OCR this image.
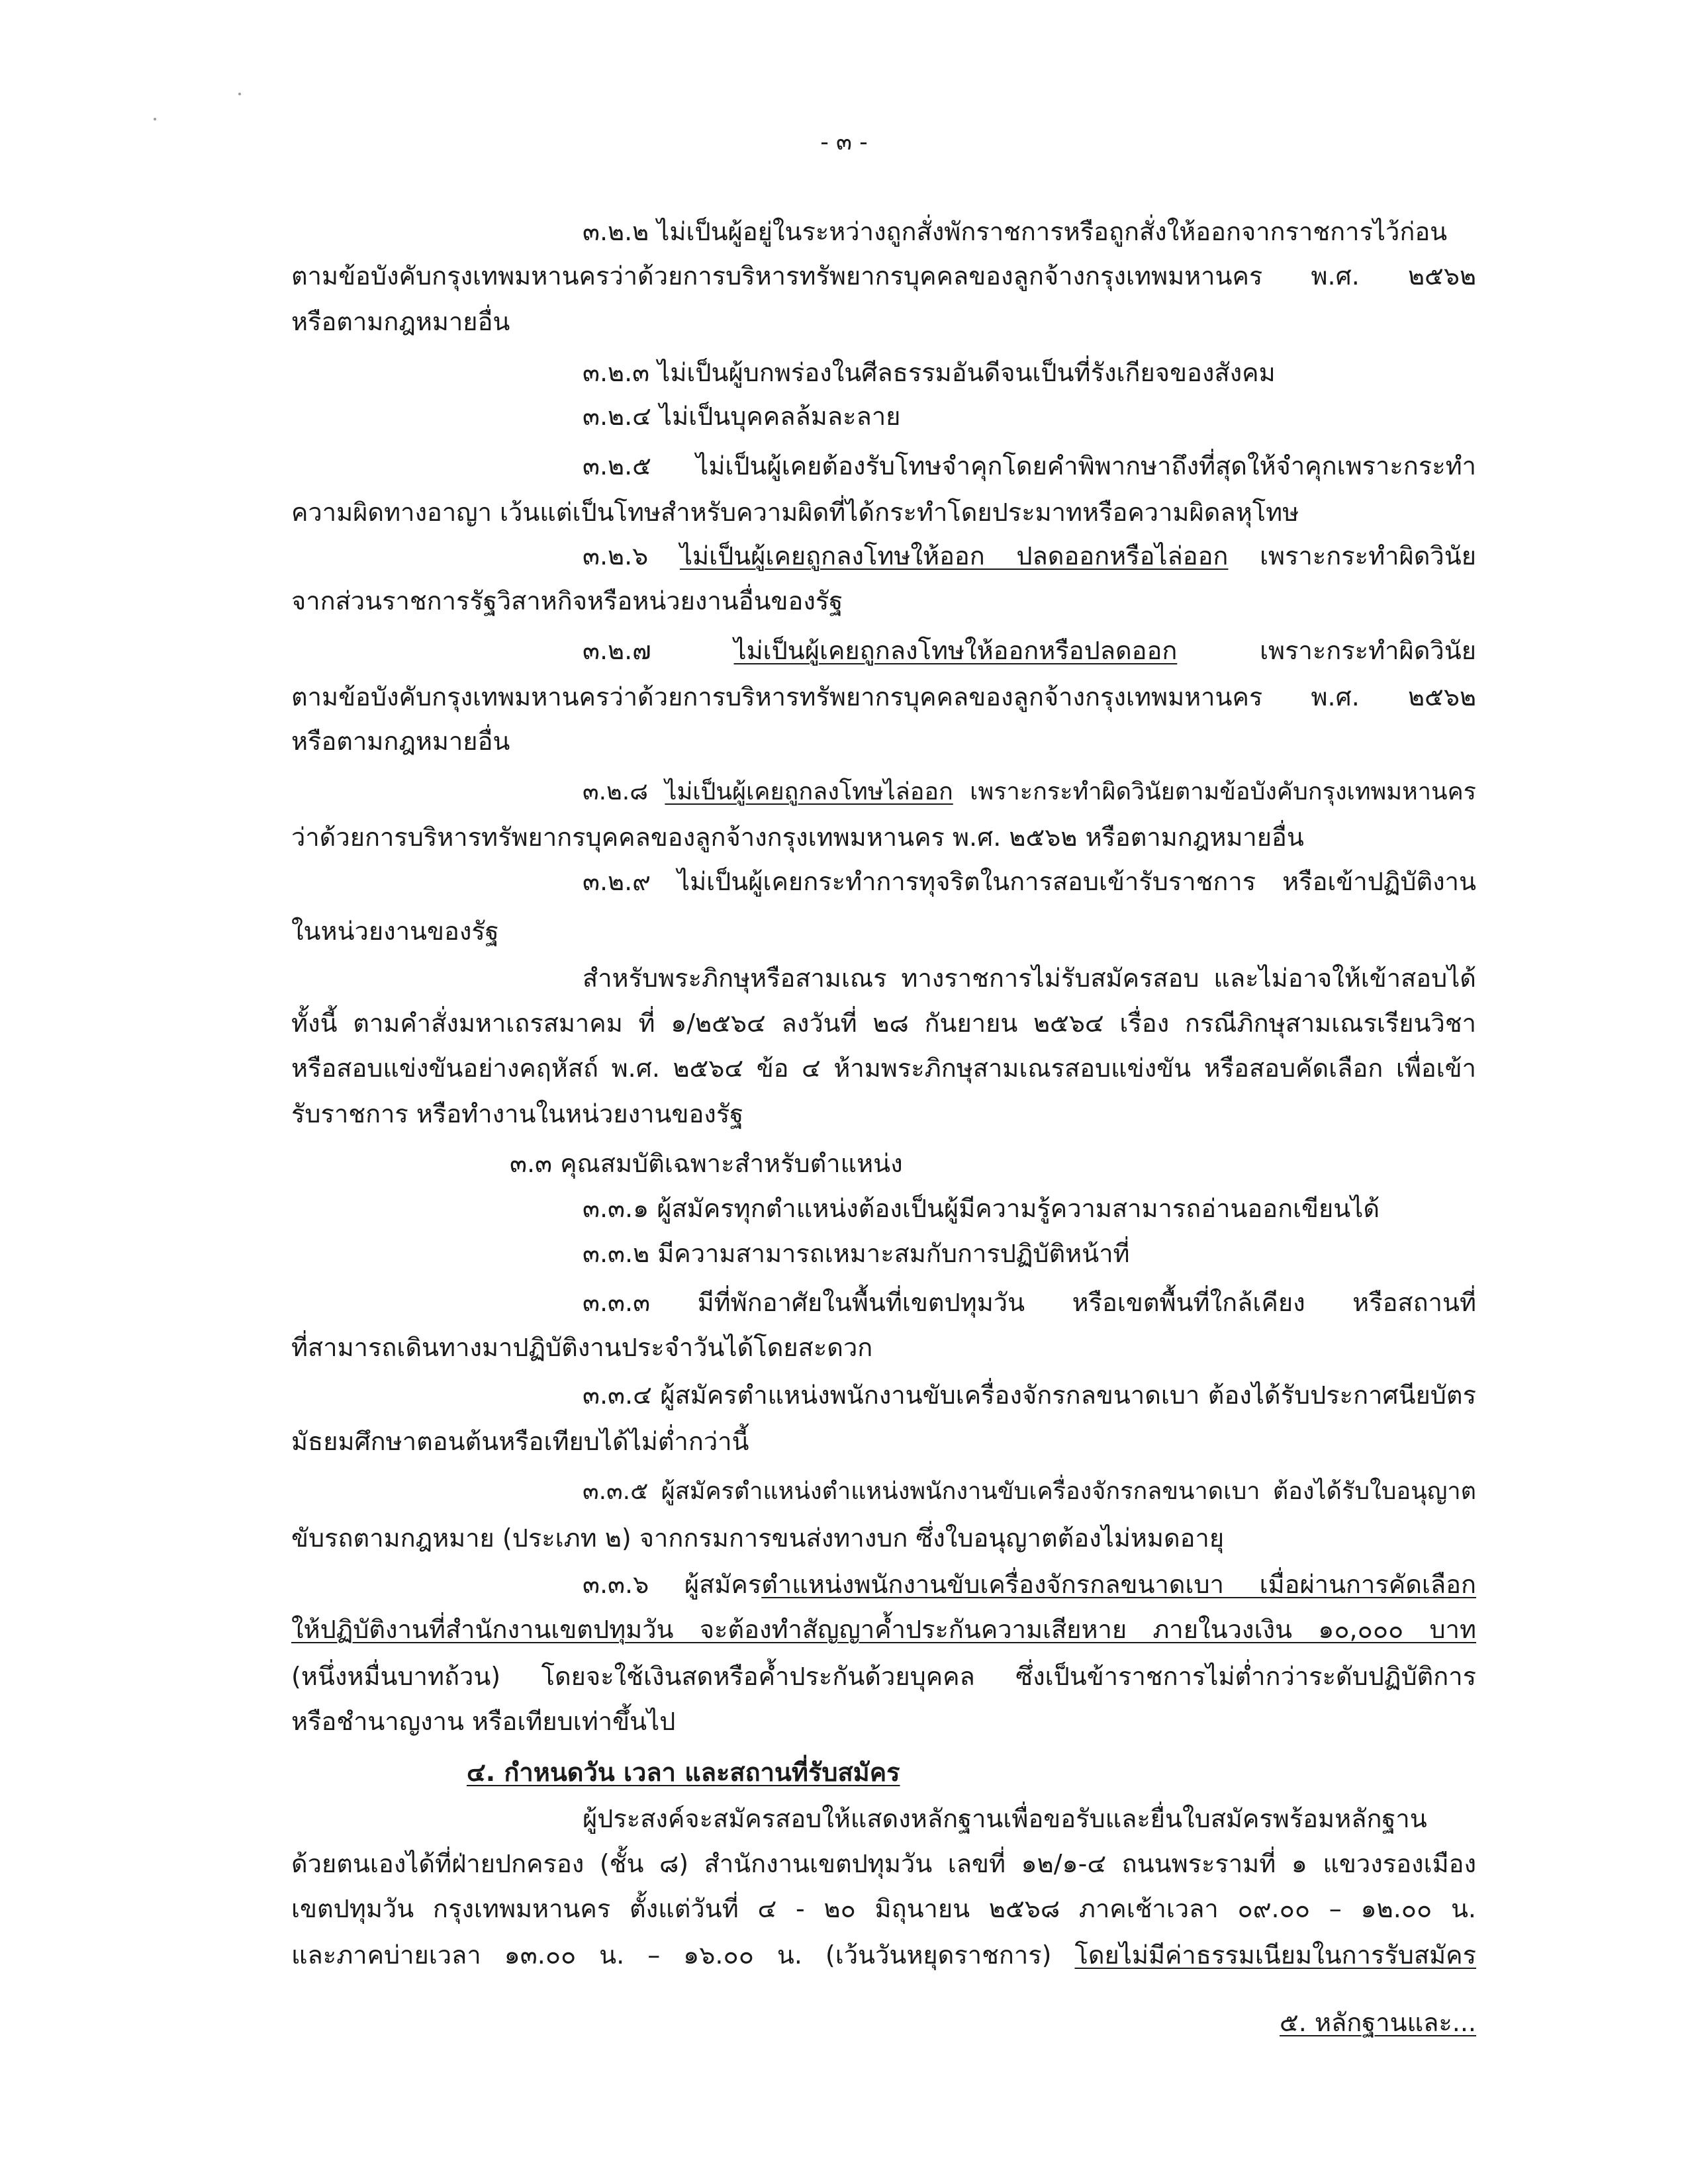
- ๓ -
๓.๒.๒ ไม่เป็นผู้อยู่ในระหว่างถูกสั่งพักราชการหรือถูกสั่งให้ออกจากราชการไว้ก่อน
ตามข้อบังคับกรุงเทพมหานครว่าด้วยการบริหารทรัพยากรบุคคลของลูกจ้างกรุงเทพมหานคร พ.ศ. ๒๕๖๒
หรือตามกฎหมายอื่น
๓.๒.๓ ไม่เป็นผู้บกพร่องในศีลธรรมอันดีจนเป็นที่รังเกียจของสังคม
๓.๒.๔ ไม่เป็นบุคคลล้มละลาย
๓.๒.๕ ไม่เป็นผู้เคยต้องรับโทษจำคุกโดยคำพิพากษาถึงที่สุดให้จำคุกเพราะกระทำ
ความผิดทางอาญา เว้นแต่เป็นโทษสำหรับความผิดที่ได้กระทำโดยประมาทหรือความผิดลหุโทษ
๓.๒.๖ ไม่เป็นผู้เคยถูกลงโทษให้ออก ปลดออกหรือไล่ออก เพราะกระทำผิดวินัย
จากส่วนราชการรัฐวิสาหกิจหรือหน่วยงานอื่นของรัฐ
๓.๒.๗ ไม่เป็นผู้เคยถูกลงโทษให้ออกหรือปลดออก เพราะกระทำผิดวินัย
ตามข้อบังคับกรุงเทพมหานครว่าด้วยการบริหารทรัพยากรบุคคลของลูกจ้างกรุงเทพมหานคร พ.ศ. ๒๕๖๒
หรือตามกฎหมายอื่น
๓.๒.๘ ไม่เป็นผู้เคยถูกลงโทษไล่ออก เพราะกระทำผิดวินัยตามข้อบังคับกรุงเทพมหานคร
ว่าด้วยการบริหารทรัพยากรบุคคลของลูกจ้างกรุงเทพมหานคร พ.ศ. ๒๕๖๒ หรือตามกฎหมายอื่น
๓.๒.๙ ไม่เป็นผู้เคยกระทำการทุจริตในการสอบเข้ารับราชการ หรือเข้าปฏิบัติงาน
ในหน่วยงานของรัฐ
สำหรับพระภิกษุหรือสามเณร ทางราชการไม่รับสมัครสอบ และไม่อาจให้เข้าสอบได้
ทั้งนี้ ตามคำสั่งมหาเถรสมาคม ที่ ๑/๒๕๖๔ ลงวันที่ ๒๘ กันยายน ๒๕๖๔ เรื่อง กรณีภิกษุสามเณรเรียนวิชา
หรือสอบแข่งขันอย่างคฤหัสถ์ พ.ศ. ๒๕๖๔ ข้อ ๔ ห้ามพระภิกษุสามเณรสอบแข่งขัน หรือสอบคัดเลือก เพื่อเข้า
รับราชการ หรือทำงานในหน่วยงานของรัฐ
๓.๓ คุณสมบัติเฉพาะสำหรับตำแหน่ง
๓.๓.๑ ผู้สมัครทุกตำแหน่งต้องเป็นผู้มีความรู้ความสามารถอ่านออกเขียนได้
๓.๓.๒ มีความสามารถเหมาะสมกับการปฏิบัติหน้าที่
๓.๓.๓ มีที่พักอาศัยในพื้นที่เขตปทุมวัน หรือเขตพื้นที่ใกล้เคียง หรือสถานที่
ที่สามารถเดินทางมาปฏิบัติงานประจำวันได้โดยสะดวก
๓.๓.๔ ผู้สมัครตำแหน่งพนักงานขับเครื่องจักรกลขนาดเบา ต้องได้รับประกาศนียบัตร
มัธยมศึกษาตอนต้นหรือเทียบได้ไม่ต่ำกว่านี้
๓.๓.๕ ผู้สมัครตำแหน่งตำแหน่งพนักงานขับเครื่องจักรกลขนาดเบา ต้องได้รับใบอนุญาต
ขับรถตามกฎหมาย (ประเภท ๒) จากกรมการขนส่งทางบก ซึ่งใบอนุญาตต้องไม่หมดอายุ
๓.๓.๖ ผู้สมัครตำแหน่งพนักงานขับเครื่องจักรกลขนาดเบา เมื่อผ่านการคัดเลือก
ให้ปฏิบัติงานที่สำนักงานเขตปทุมวัน จะต้องทำสัญญาค้ำประกันความเสียหาย ภายในวงเงิน ๑๐,๐๐๐ บาท
(หนึ่งหมื่นบาทถ้วน) โดยจะใช้เงินสดหรือค้ำประกันด้วยบุคคล ซึ่งเป็นข้าราชการไม่ต่ำกว่าระดับปฏิบัติการ
หรือชำนาญงาน หรือเทียบเท่าขึ้นไป
๔. กำหนดวัน เวลา และสถานที่รับสมัคร
ผู้ประสงค์จะสมัครสอบให้แสดงหลักฐานเพื่อขอรับและยื่นใบสมัครพร้อมหลักฐาน
ด้วยตนเองได้ที่ฝ่ายปกครอง (ชั้น ๘) สำนักงานเขตปทุมวัน เลขที่ ๑๒/๑-๔ ถนนพระรามที่ ๑ แขวงรองเมือง
เขตปทุมวัน กรุงเทพมหานคร ตั้งแต่วันที่ ๔ - ๒๐ มิถุนายน ๒๕๖๘ ภาคเช้าเวลา ๐๙.๐๐ – ๑๒.๐๐ น.
และภาคบ่ายเวลา ๑๓.๐๐ น. – ๑๖.๐๐ น. (เว้นวันหยุดราชการ) โดยไม่มีค่าธรรมเนียมในการรับสมัคร
๕. หลักฐานและ...
